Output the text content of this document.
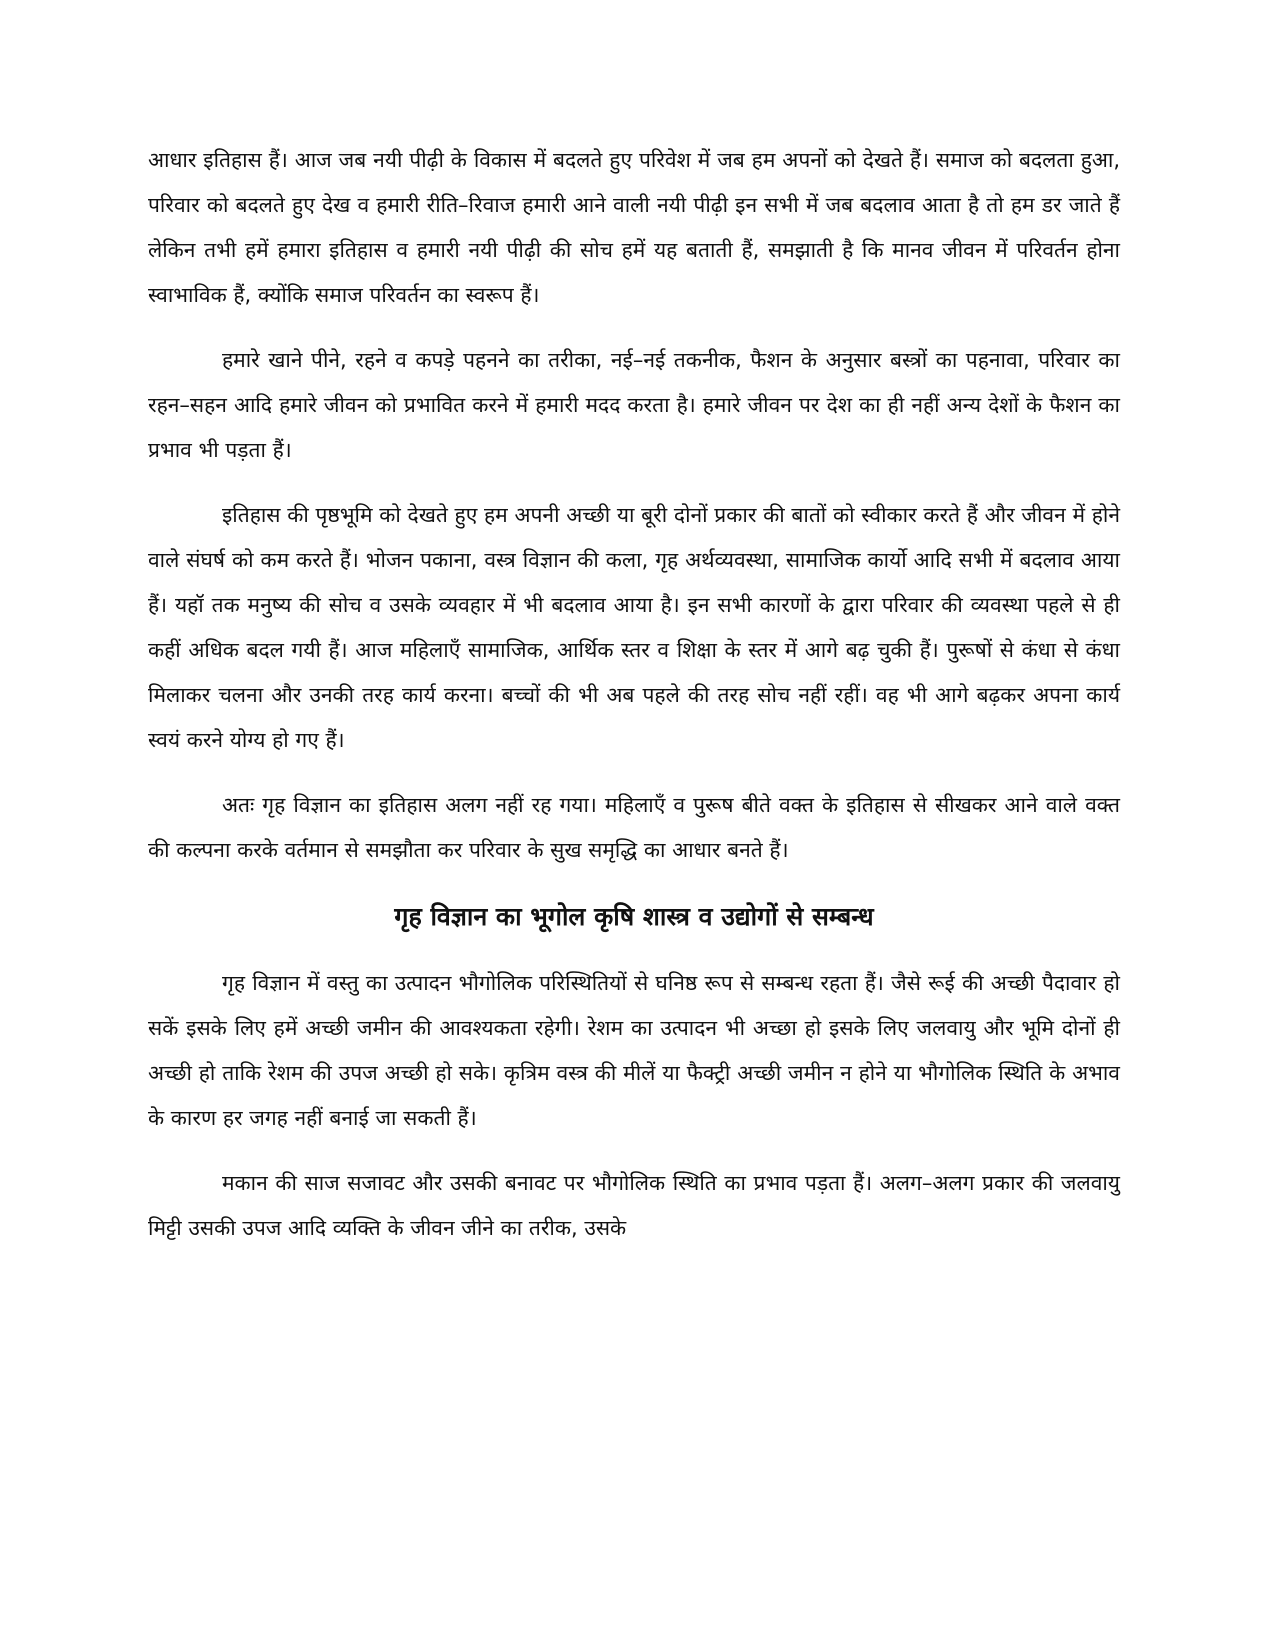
आधार इतिहास हैं। आज जब नयी पीढ़ी के विकास में बदलते हुए परिवेश में जब हम अपनों को देखते हैं। समाज को बदलता हुआ, परिवार को बदलते हुए देख व हमारी रीति–रिवाज हमारी आने वाली नयी पीढ़ी इन सभी में जब बदलाव आता है तो हम डर जाते हैं लेकिन तभी हमें हमारा इतिहास व हमारी नयी पीढ़ी की सोच हमें यह बताती हैं, समझाती है कि मानव जीवन में परिवर्तन होना स्वाभाविक हैं, क्योंकि समाज परिवर्तन का स्वरूप हैं।

हमारे खाने पीने, रहने व कपड़े पहनने का तरीका, नई–नई तकनीक, फैशन के अनुसार बस्त्रों का पहनावा, परिवार का रहन–सहन आदि हमारे जीवन को प्रभावित करने में हमारी मदद करता है। हमारे जीवन पर देश का ही नहीं अन्य देशों के फैशन का प्रभाव भी पड़ता हैं।

इतिहास की पृष्ठभूमि को देखते हुए हम अपनी अच्छी या बूरी दोनों प्रकार की बातों को स्वीकार करते हैं और जीवन में होने वाले संघर्ष को कम करते हैं। भोजन पकाना, वस्त्र विज्ञान की कला, गृह अर्थव्यवस्था, सामाजिक कार्यो आदि सभी में बदलाव आया हैं। यहॉ तक मनुष्य की सोच व उसके व्यवहार में भी बदलाव आया है। इन सभी कारणों के द्वारा परिवार की व्यवस्था पहले से ही कहीं अधिक बदल गयी हैं। आज महिलाएँ सामाजिक, आर्थिक स्तर व शिक्षा के स्तर में आगे बढ़ चुकी हैं। पुरूषों से कंधा से कंधा मिलाकर चलना और उनकी तरह कार्य करना। बच्चों की भी अब पहले की तरह सोच नहीं रहीं। वह भी आगे बढ़कर अपना कार्य स्वयं करने योग्य हो गए हैं।

अतः गृह विज्ञान का इतिहास अलग नहीं रह गया। महिलाएँ व पुरूष बीते वक्त के इतिहास से सीखकर आने वाले वक्त की कल्पना करके वर्तमान से समझौता कर परिवार के सुख समृद्धि का आधार बनते हैं।

गृह विज्ञान का भूगोल कृषि शास्त्र व उद्योगों से सम्बन्ध

गृह विज्ञान में वस्तु का उत्पादन भौगोलिक परिस्थितियों से घनिष्ठ रूप से सम्बन्ध रहता हैं। जैसे रूई की अच्छी पैदावार हो सकें इसके लिए हमें अच्छी जमीन की आवश्यकता रहेगी। रेशम का उत्पादन भी अच्छा हो इसके लिए जलवायु और भूमि दोनों ही अच्छी हो ताकि रेशम की उपज अच्छी हो सके। कृत्रिम वस्त्र की मीलें या फैक्ट्री अच्छी जमीन न होने या भौगोलिक स्थिति के अभाव के कारण हर जगह नहीं बनाई जा सकती हैं।

मकान की साज सजावट और उसकी बनावट पर भौगोलिक स्थिति का प्रभाव पड़ता हैं। अलग–अलग प्रकार की जलवायु मिट्टी उसकी उपज आदि व्यक्ति के जीवन जीने का तरीक, उसके
